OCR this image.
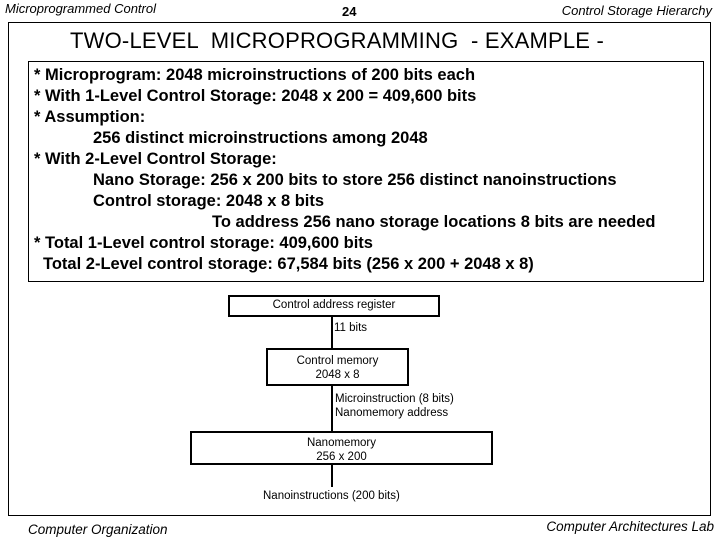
Microprogrammed Control	24	Control Storage Hierarchy
TWO-LEVEL  MICROPROGRAMMING  - EXAMPLE -
* Microprogram: 2048 microinstructions of 200 bits each
* With 1-Level Control Storage: 2048 x 200 = 409,600 bits
* Assumption:
256 distinct microinstructions among 2048
* With 2-Level Control Storage:
Nano Storage: 256 x 200 bits to store 256 distinct nanoinstructions
Control storage: 2048 x 8 bits
To address 256 nano storage locations 8 bits are needed
* Total 1-Level control storage: 409,600 bits
Total 2-Level control storage: 67,584 bits (256 x 200 + 2048 x 8)
Control address register
11 bits
Control memory
2048 x 8
Microinstruction (8 bits)
Nanomemory address
Nanomemory
256 x 200
Nanoinstructions (200 bits)
Computer Organization	Computer Architectures Lab
